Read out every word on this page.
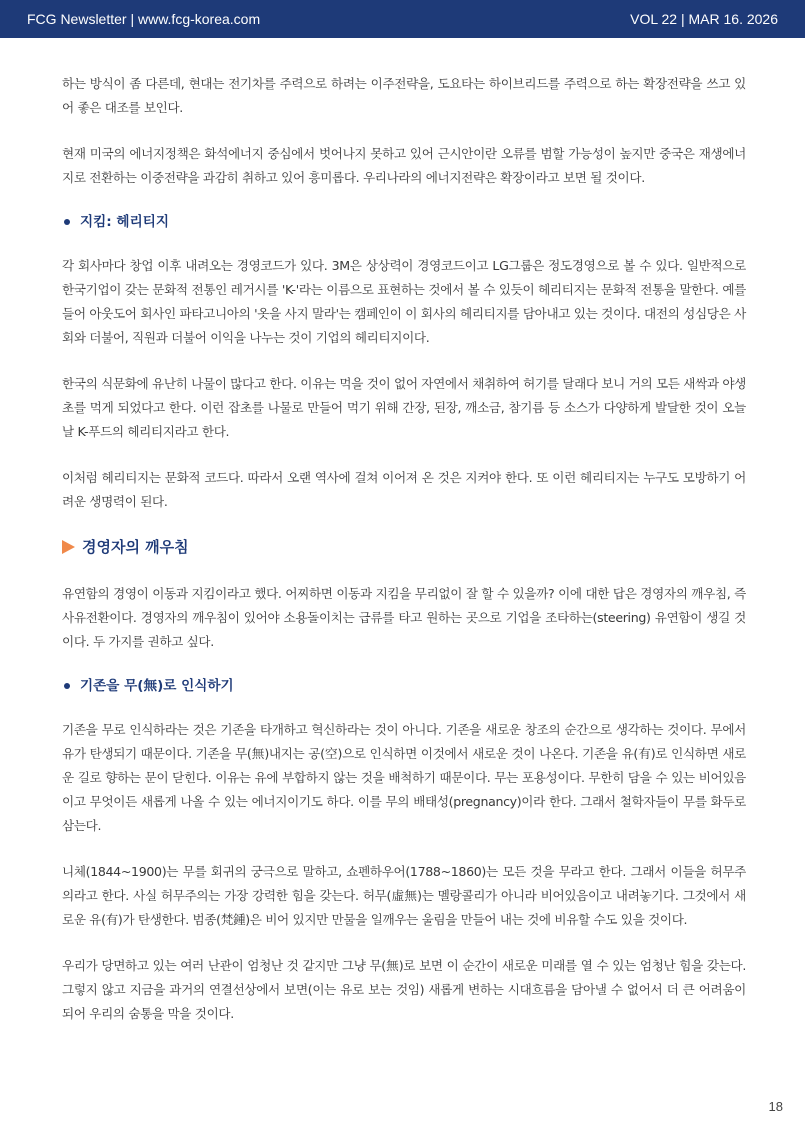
FCG Newsletter | www.fcg-korea.com	VOL 22 | MAR 16. 2026

하는 방식이 좀 다른데, 현대는 전기차를 주력으로 하려는 이주전략을, 도요타는 하이브리드를 주력으로 하는 확장전략을 쓰고 있어 좋은 대조를 보인다.

현재 미국의 에너지정책은 화석에너지 중심에서 벗어나지 못하고 있어 근시안이란 오류를 범할 가능성이 높지만 중국은 재생에너지로 전환하는 이중전략을 과감히 취하고 있어 흥미롭다. 우리나라의 에너지전략은 확장이라고 보면 될 것이다.

지킴: 헤리티지

각 회사마다 창업 이후 내려오는 경영코드가 있다. 3M은 상상력이 경영코드이고 LG그룹은 정도경영으로 볼 수 있다. 일반적으로 한국기업이 갖는 문화적 전통인 레거시를 'K-'라는 이름으로 표현하는 것에서 볼 수 있듯이 헤리티지는 문화적 전통을 말한다. 예를 들어 아웃도어 회사인 파타고니아의 '옷을 사지 말라'는 캠페인이 이 회사의 헤리티지를 담아내고 있는 것이다. 대전의 성심당은 사회와 더불어, 직원과 더불어 이익을 나누는 것이 기업의 헤리티지이다.

한국의 식문화에 유난히 나물이 많다고 한다. 이유는 먹을 것이 없어 자연에서 채취하여 허기를 달래다 보니 거의 모든 새싹과 야생초를 먹게 되었다고 한다. 이런 잡초를 나물로 만들어 먹기 위해 간장, 된장, 깨소금, 참기름 등 소스가 다양하게 발달한 것이 오늘날 K-푸드의 헤리티지라고 한다.

이처럼 헤리티지는 문화적 코드다. 따라서 오랜 역사에 걸쳐 이어져 온 것은 지켜야 한다. 또 이런 헤리티지는 누구도 모방하기 어려운 생명력이 된다.

경영자의 깨우침

유연함의 경영이 이동과 지킴이라고 했다. 어찌하면 이동과 지킴을 무리없이 잘 할 수 있을까? 이에 대한 답은 경영자의 깨우침, 즉 사유전환이다. 경영자의 깨우침이 있어야 소용돌이치는 급류를 타고 원하는 곳으로 기업을 조타하는(steering) 유연함이 생길 것이다. 두 가지를 권하고 싶다.

기존을 무(無)로 인식하기

기존을 무로 인식하라는 것은 기존을 타개하고 혁신하라는 것이 아니다. 기존을 새로운 창조의 순간으로 생각하는 것이다. 무에서 유가 탄생되기 때문이다. 기존을 무(無)내지는 공(空)으로 인식하면 이것에서 새로운 것이 나온다. 기존을 유(有)로 인식하면 새로운 길로 향하는 문이 닫힌다. 이유는 유에 부합하지 않는 것을 배척하기 때문이다. 무는 포용성이다. 무한히 담을 수 있는 비어있음이고 무엇이든 새롭게 나올 수 있는 에너지이기도 하다. 이를 무의 배태성(pregnancy)이라 한다. 그래서 철학자들이 무를 화두로 삼는다.

니체(1844~1900)는 무를 회귀의 궁극으로 말하고, 쇼펜하우어(1788~1860)는 모든 것을 무라고 한다. 그래서 이들을 허무주의라고 한다. 사실 허무주의는 가장 강력한 힘을 갖는다. 허무(虛無)는 멜랑콜리가 아니라 비어있음이고 내려놓기다. 그것에서 새로운 유(有)가 탄생한다. 범종(梵鍾)은 비어 있지만 만물을 일깨우는 울림을 만들어 내는 것에 비유할 수도 있을 것이다.

우리가 당면하고 있는 여러 난관이 엄청난 것 같지만 그냥 무(無)로 보면 이 순간이 새로운 미래를 열 수 있는 엄청난 힘을 갖는다. 그렇지 않고 지금을 과거의 연결선상에서 보면(이는 유로 보는 것임) 새롭게 변하는 시대흐름을 담아낼 수 없어서 더 큰 어려움이 되어 우리의 숨통을 막을 것이다.

18
